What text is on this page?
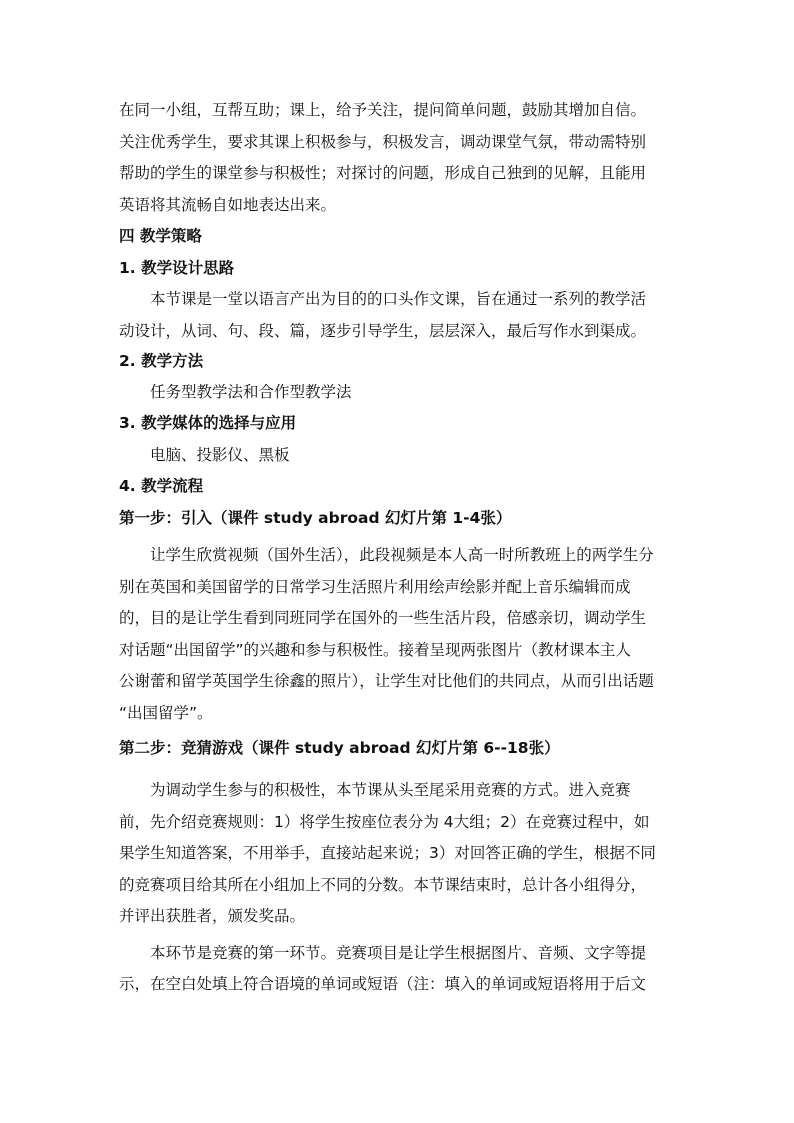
在同一小组，互帮互助；课上，给予关注，提问简单问题，鼓励其增加自信。
关注优秀学生，要求其课上积极参与，积极发言，调动课堂气氛，带动需特别
帮助的学生的课堂参与积极性；对探讨的问题，形成自己独到的见解，且能用
英语将其流畅自如地表达出来。
四 教学策略
1. 教学设计思路
本节课是一堂以语言产出为目的的口头作文课，旨在通过一系列的教学活
动设计，从词、句、段、篇，逐步引导学生，层层深入，最后写作水到渠成。
2. 教学方法
任务型教学法和合作型教学法
3. 教学媒体的选择与应用
电脑、投影仪、黑板
4. 教学流程
第一步：引入（课件 study abroad 幻灯片第 1-4张）
让学生欣赏视频（国外生活），此段视频是本人高一时所教班上的两学生分
别在英国和美国留学的日常学习生活照片利用绘声绘影并配上音乐编辑而成
的，目的是让学生看到同班同学在国外的一些生活片段，倍感亲切，调动学生
对话题“出国留学”的兴趣和参与积极性。接着呈现两张图片（教材课本主人
公谢蕾和留学英国学生徐鑫的照片），让学生对比他们的共同点，从而引出话题
“出国留学”。
第二步：竞猜游戏（课件 study abroad 幻灯片第 6--18张）
为调动学生参与的积极性，本节课从头至尾采用竞赛的方式。进入竞赛
前，先介绍竞赛规则：1）将学生按座位表分为 4大组；2）在竞赛过程中，如
果学生知道答案，不用举手，直接站起来说；3）对回答正确的学生，根据不同
的竞赛项目给其所在小组加上不同的分数。本节课结束时，总计各小组得分，
并评出获胜者，颁发奖品。
本环节是竞赛的第一环节。竞赛项目是让学生根据图片、音频、文字等提
示，在空白处填上符合语境的单词或短语（注：填入的单词或短语将用于后文
